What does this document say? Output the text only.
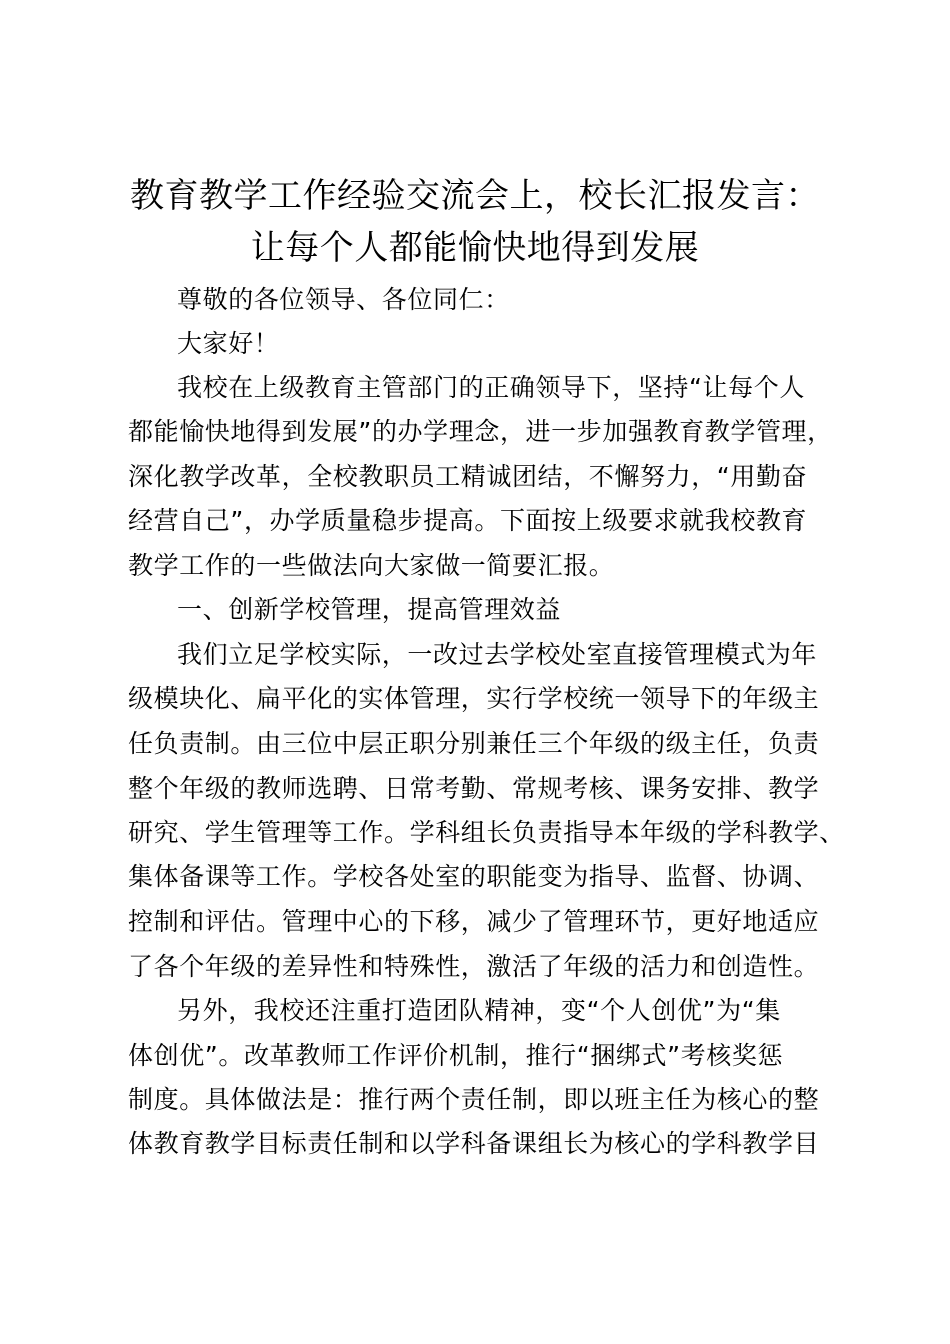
教育教学工作经验交流会上，校长汇报发言：
让每个人都能愉快地得到发展
尊敬的各位领导、各位同仁：
大家好！
我校在上级教育主管部门的正确领导下，坚持“让每个人
都能愉快地得到发展”的办学理念，进一步加强教育教学管理，
深化教学改革，全校教职员工精诚团结，不懈努力，“用勤奋
经营自己”，办学质量稳步提高。下面按上级要求就我校教育
教学工作的一些做法向大家做一简要汇报。
一、创新学校管理，提高管理效益
我们立足学校实际，一改过去学校处室直接管理模式为年
级模块化、扁平化的实体管理，实行学校统一领导下的年级主
任负责制。由三位中层正职分别兼任三个年级的级主任，负责
整个年级的教师选聘、日常考勤、常规考核、课务安排、教学
研究、学生管理等工作。学科组长负责指导本年级的学科教学、
集体备课等工作。学校各处室的职能变为指导、监督、协调、
控制和评估。管理中心的下移，减少了管理环节，更好地适应
了各个年级的差异性和特殊性，激活了年级的活力和创造性。
另外，我校还注重打造团队精神，变“个人创优”为“集
体创优”。改革教师工作评价机制，推行“捆绑式”考核奖惩
制度。具体做法是：推行两个责任制，即以班主任为核心的整
体教育教学目标责任制和以学科备课组长为核心的学科教学目
